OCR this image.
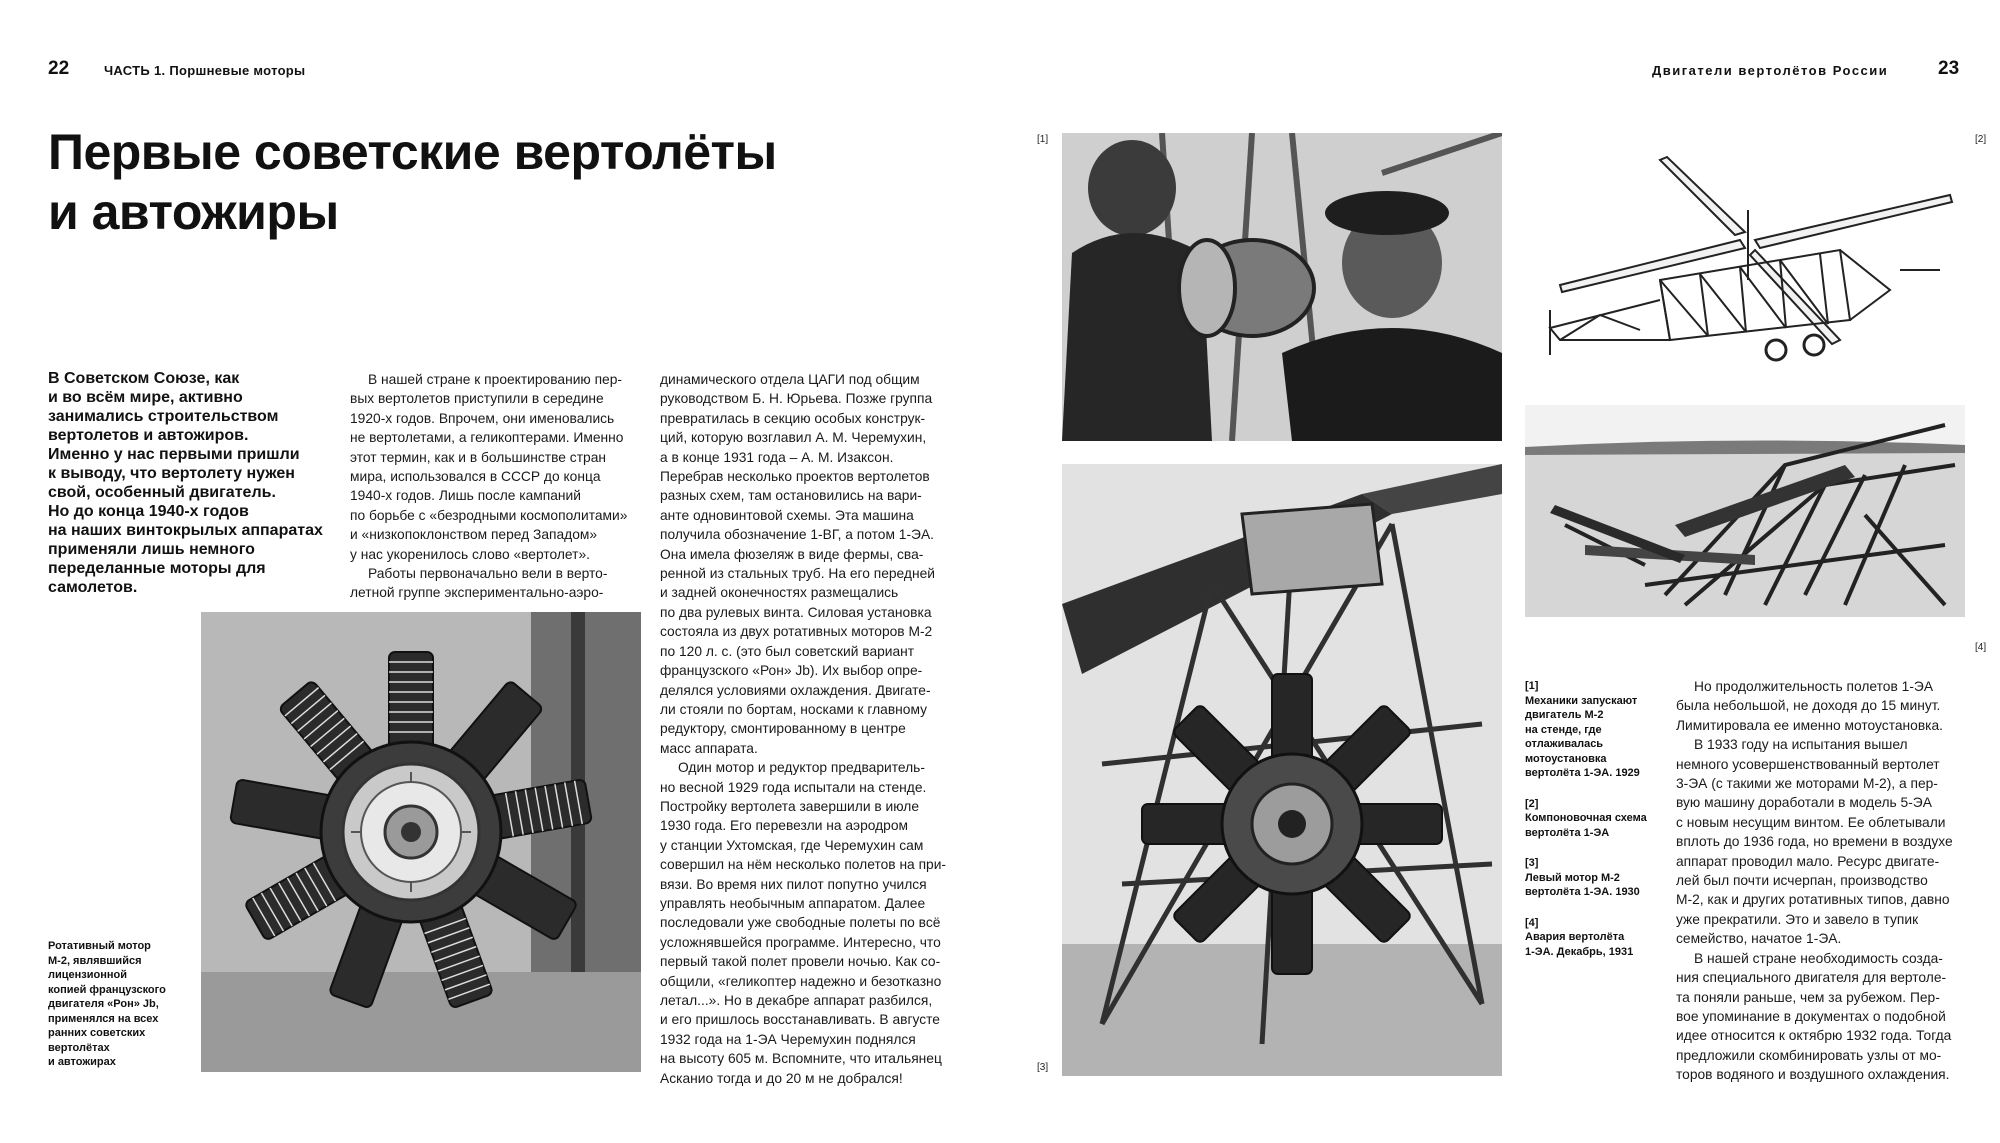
22	ЧАСТЬ 1. Поршневые моторы
Первые советские вертолёты
и автожиры
В Советском Союзе, как
и во всём мире, активно
занимались строительством
вертолетов и автожиров.
Именно у нас первыми пришли
к выводу, что вертолету нужен
свой, особенный двигатель.
Но до конца 1940-х годов
на наших винтокрылых аппаратах
применяли лишь немного
переделанные моторы для
самолетов.
В нашей стране к проектированию пер-
вых вертолетов приступили в середине
1920-х годов. Впрочем, они именовались
не вертолетами, а геликоптерами. Именно
этот термин, как и в большинстве стран
мира, использовался в СССР до конца
1940-х годов. Лишь после кампаний
по борьбе с «безродными космополитами»
и «низкопоклонством перед Западом»
у нас укоренилось слово «вертолет».
Работы первоначально вели в верто-
летной группе экспериментально-аэро-
динамического отдела ЦАГИ под общим
руководством Б. Н. Юрьева. Позже группа
превратилась в секцию особых конструк-
ций, которую возглавил А. М. Черемухин,
а в конце 1931 года – А. М. Изаксон.
Перебрав несколько проектов вертолетов
разных схем, там остановились на вари-
анте одновинтовой схемы. Эта машина
получила обозначение 1-ВГ, а потом 1-ЭА.
Она имела фюзеляж в виде фермы, сва-
ренной из стальных труб. На его передней
и задней оконечностях размещались
по два рулевых винта. Силовая установка
состояла из двух ротативных моторов М-2
по 120 л. с. (это был советский вариант
французского «Рон» Jb). Их выбор опре-
делялся условиями охлаждения. Двигате-
ли стояли по бортам, носками к главному
редуктору, смонтированному в центре
масс аппарата.
Один мотор и редуктор предваритель-
но весной 1929 года испытали на стенде.
Постройку вертолета завершили в июле
1930 года. Его перевезли на аэродром
у станции Ухтомская, где Черемухин сам
совершил на нём несколько полетов на при-
вязи. Во время них пилот попутно учился
управлять необычным аппаратом. Далее
последовали уже свободные полеты по всё
усложнявшейся программе. Интересно, что
первый такой полет провели ночью. Как со-
общили, «геликоптер надежно и безотказно
летал...». Но в декабре аппарат разбился,
и его пришлось восстанавливать. В августе
1932 года на 1-ЭА Черемухин поднялся
на высоту 605 м. Вспомните, что итальянец
Асканио тогда и до 20 м не добрался!
Ротативный мотор
М-2, являвшийся
лицензионной
копией французского
двигателя «Рон» Jb,
применялся на всех
ранних советских
вертолётах
и автожирах
Двигатели вертолётов России	23
[1]	[2]
[3]
[4]
[1]
Механики запускают
двигатель М-2
на стенде, где
отлаживалась
мотоустановка
вертолёта 1-ЭА. 1929
[2]
Компоновочная схема
вертолёта 1-ЭА
[3]
Левый мотор М-2
вертолёта 1-ЭА. 1930
[4]
Авария вертолёта
1-ЭА. Декабрь, 1931
Но продолжительность полетов 1-ЭА
была небольшой, не доходя до 15 минут.
Лимитировала ее именно мотоустановка.
В 1933 году на испытания вышел
немного усовершенствованный вертолет
3-ЭА (с такими же моторами М-2), а пер-
вую машину доработали в модель 5-ЭА
с новым несущим винтом. Ее облетывали
вплоть до 1936 года, но времени в воздухе
аппарат проводил мало. Ресурс двигате-
лей был почти исчерпан, производство
М-2, как и других ротативных типов, давно
уже прекратили. Это и завело в тупик
семейство, начатое 1-ЭА.
В нашей стране необходимость созда-
ния специального двигателя для вертоле-
та поняли раньше, чем за рубежом. Пер-
вое упоминание в документах о подобной
идее относится к октябрю 1932 года. Тогда
предложили скомбинировать узлы от мо-
торов водяного и воздушного охлаждения.
